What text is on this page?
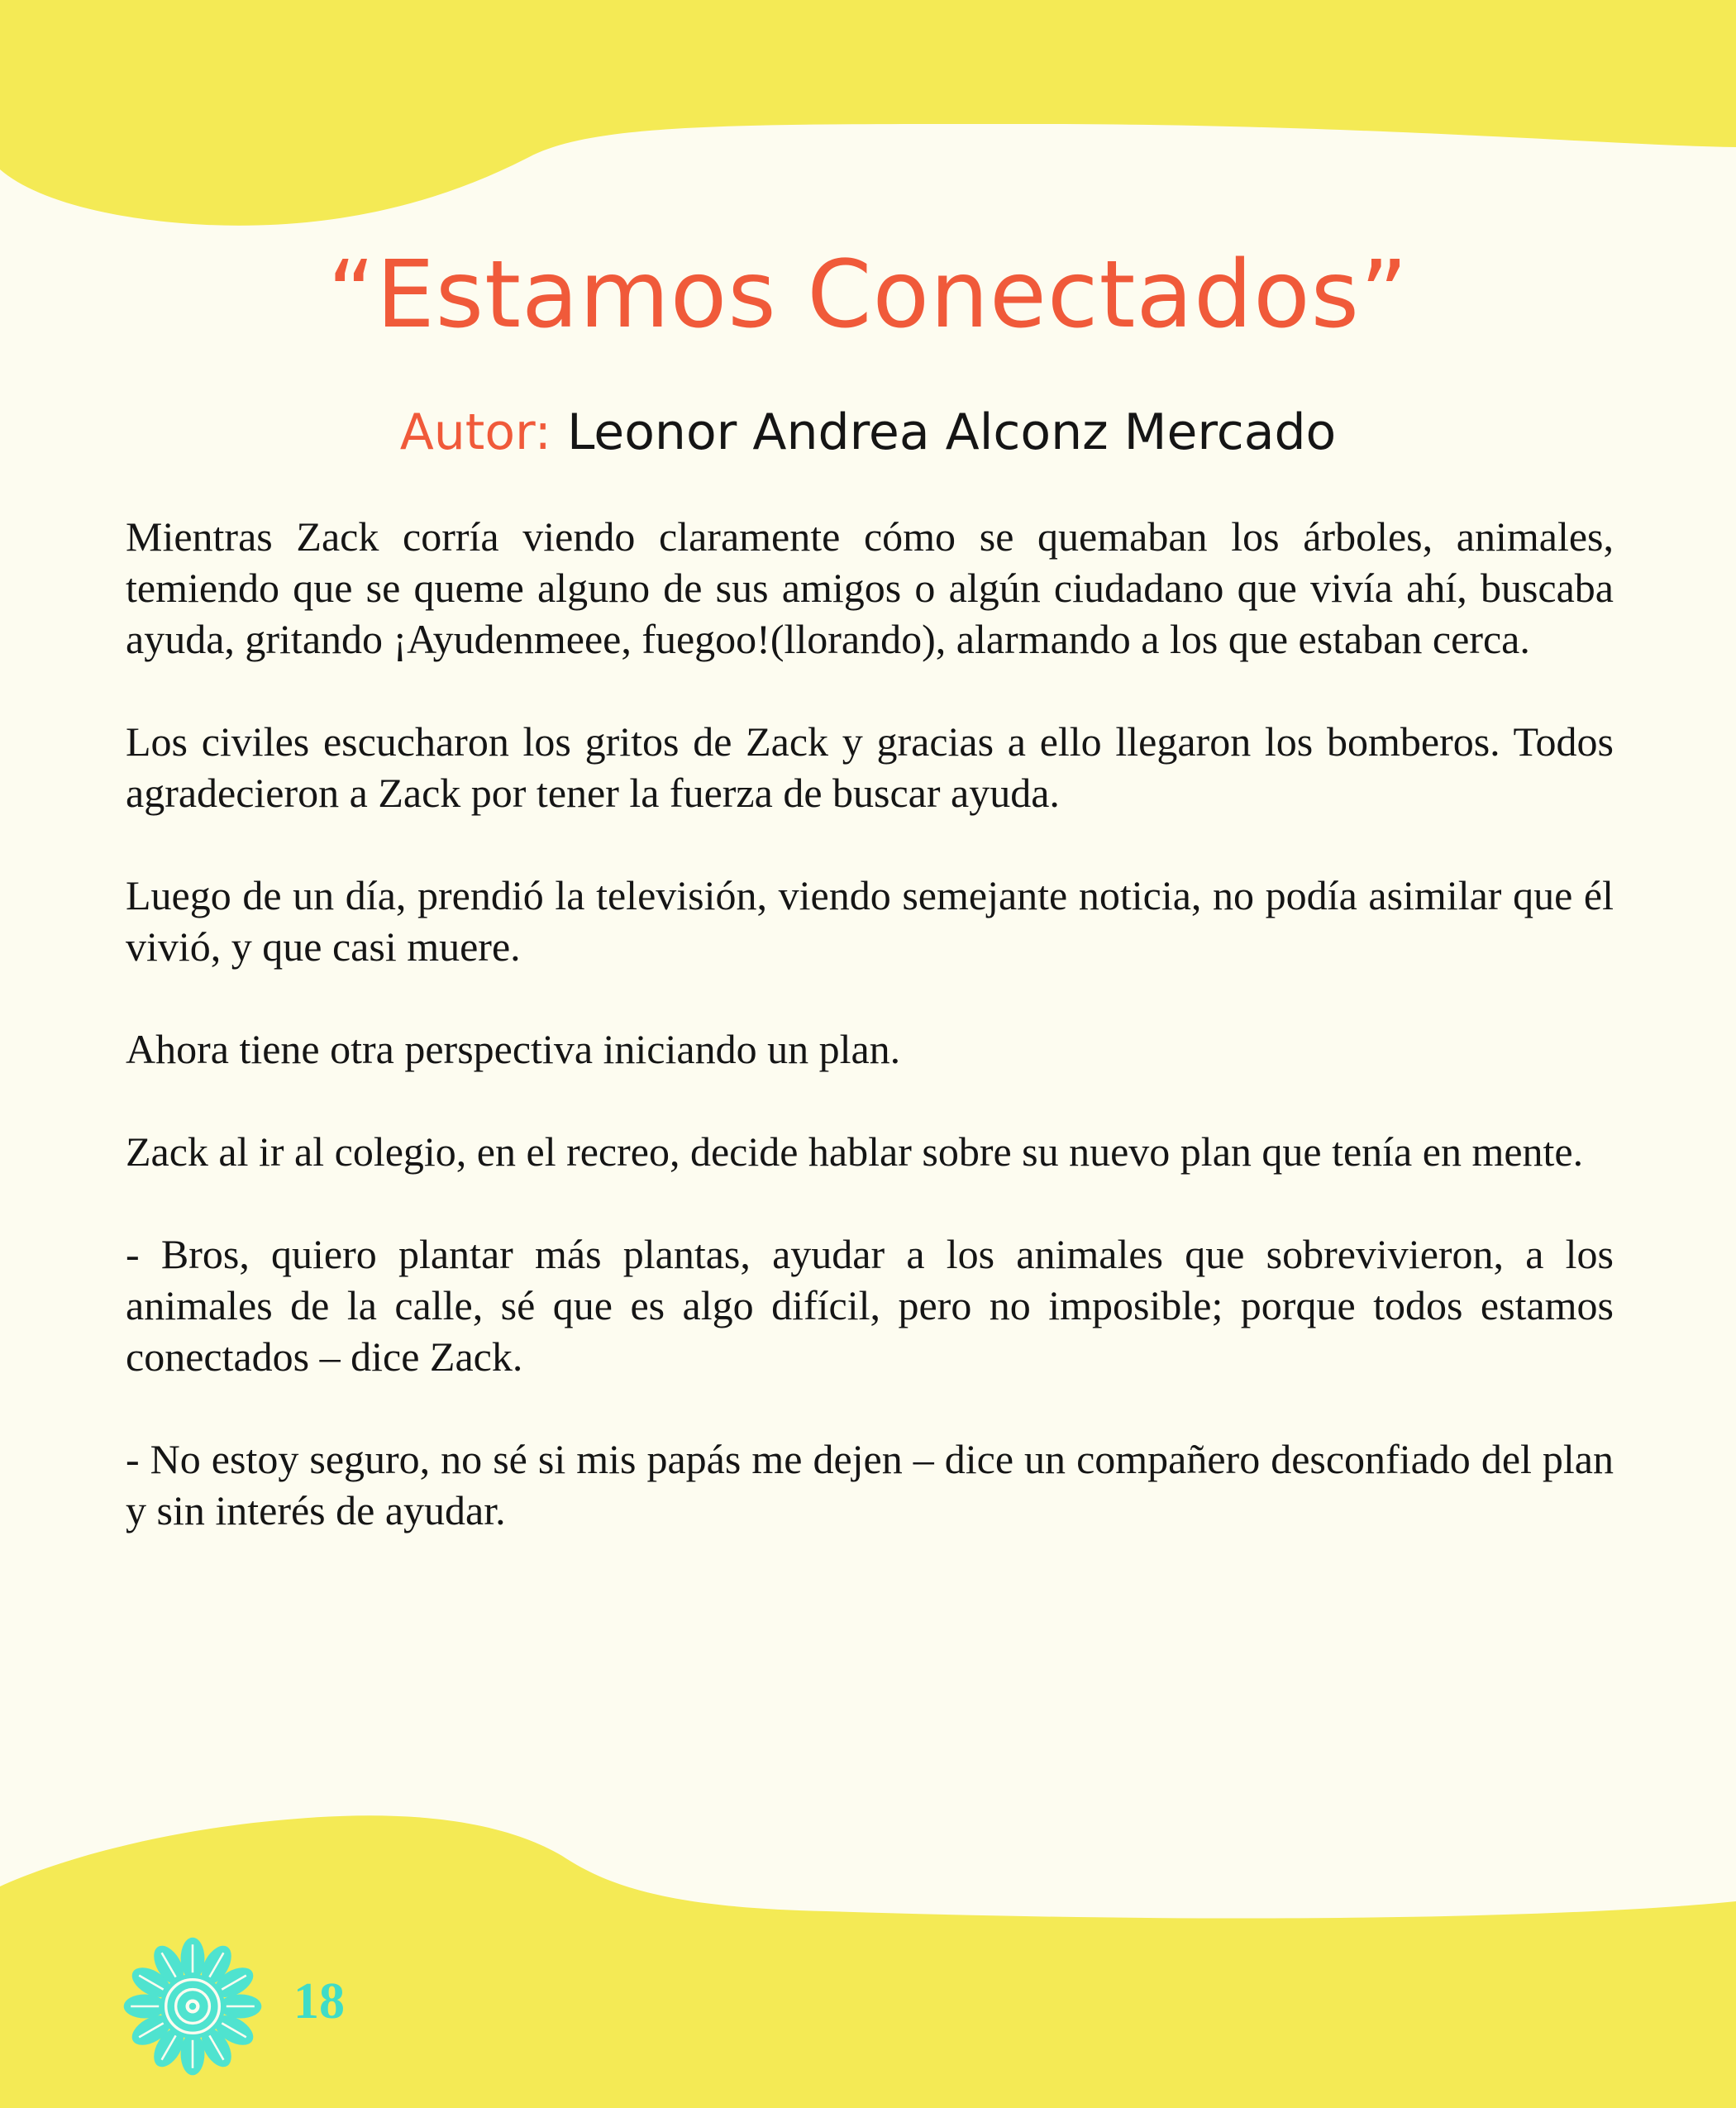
“Estamos Conectados”
Autor: Leonor Andrea Alconz Mercado

Mientras Zack corría viendo claramente cómo se quemaban los árboles, animales, temiendo que se queme alguno de sus amigos o algún ciudadano que vivía ahí, buscaba ayuda, gritando ¡Ayudenmeee, fuegoo!(llorando), alarmando a los que estaban cerca.

Los civiles escucharon los gritos de Zack y gracias a ello llegaron los bomberos. Todos agradecieron a Zack por tener la fuerza de buscar ayuda.

Luego de un día, prendió la televisión, viendo semejante noticia, no podía asimilar que él vivió, y que casi muere.

Ahora tiene otra perspectiva iniciando un plan.

Zack al ir al colegio, en el recreo, decide hablar sobre su nuevo plan que tenía en mente.

- Bros, quiero plantar más plantas, ayudar a los animales que sobrevivieron, a los animales de la calle, sé que es algo difícil, pero no imposible; porque todos estamos conectados – dice Zack.

- No estoy seguro, no sé si mis papás me dejen – dice un compañero desconfiado del plan y sin interés de ayudar.

18
